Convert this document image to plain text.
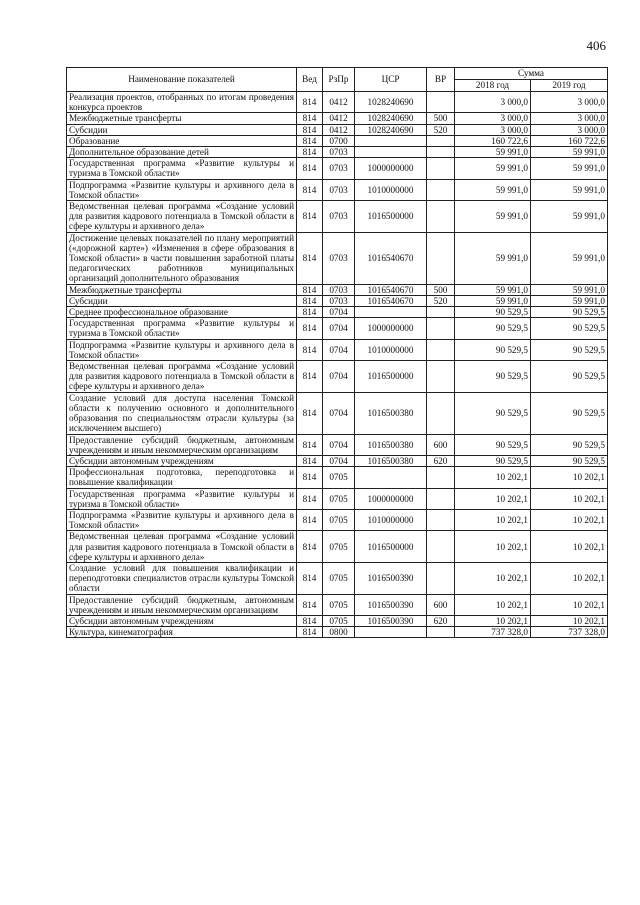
406
Наименование показателей	Вед	РзПр	ЦСР	ВР	Сумма	
					2018 год	2019 год
Реализация проектов, отобранных по итогам проведения конкурса проектов	814	0412	1028240690		3 000,0	3 000,0
Межбюджетные трансферты	814	0412	1028240690	500	3 000,0	3 000,0
Субсидии	814	0412	1028240690	520	3 000,0	3 000,0
Образование	814	0700			160 722,6	160 722,6
Дополнительное образование детей	814	0703			59 991,0	59 991,0
Государственная программа «Развитие культуры и туризма в Томской области»	814	0703	1000000000		59 991,0	59 991,0
Подпрограмма «Развитие культуры и архивного дела в Томской области»	814	0703	1010000000		59 991,0	59 991,0
Ведомственная целевая программа «Создание условий для развития кадрового потенциала в Томской области в сфере культуры и архивного дела»	814	0703	1016500000		59 991,0	59 991,0
Достижение целевых показателей по плану мероприятий («дорожной карте») «Изменения в сфере образования в Томской области» в части повышения заработной платы педагогических работников муниципальных организаций дополнительного образования	814	0703	1016540670		59 991,0	59 991,0
Межбюджетные трансферты	814	0703	1016540670	500	59 991,0	59 991,0
Субсидии	814	0703	1016540670	520	59 991,0	59 991,0
Среднее профессиональное образование	814	0704			90 529,5	90 529,5
Государственная программа «Развитие культуры и туризма в Томской области»	814	0704	1000000000		90 529,5	90 529,5
Подпрограмма «Развитие культуры и архивного дела в Томской области»	814	0704	1010000000		90 529,5	90 529,5
Ведомственная целевая программа «Создание условий для развития кадрового потенциала в Томской области в сфере культуры и архивного дела»	814	0704	1016500000		90 529,5	90 529,5
Создание условий для доступа населения Томской области к получению основного и дополнительного образования по специальностям отрасли культуры (за исключением высшего)	814	0704	1016500380		90 529,5	90 529,5
Предоставление субсидий бюджетным, автономным учреждениям и иным некоммерческим организациям	814	0704	1016500380	600	90 529,5	90 529,5
Субсидии автономным учреждениям	814	0704	1016500380	620	90 529,5	90 529,5
Профессиональная подготовка, переподготовка и повышение квалификации	814	0705			10 202,1	10 202,1
Государственная программа «Развитие культуры и туризма в Томской области»	814	0705	1000000000		10 202,1	10 202,1
Подпрограмма «Развитие культуры и архивного дела в Томской области»	814	0705	1010000000		10 202,1	10 202,1
Ведомственная целевая программа «Создание условий для развития кадрового потенциала в Томской области в сфере культуры и архивного дела»	814	0705	1016500000		10 202,1	10 202,1
Создание условий для повышения квалификации и переподготовки специалистов отрасли культуры Томской области	814	0705	1016500390		10 202,1	10 202,1
Предоставление субсидий бюджетным, автономным учреждениям и иным некоммерческим организациям	814	0705	1016500390	600	10 202,1	10 202,1
Субсидии автономным учреждениям	814	0705	1016500390	620	10 202,1	10 202,1
Культура, кинематография	814	0800			737 328,0	737 328,0
